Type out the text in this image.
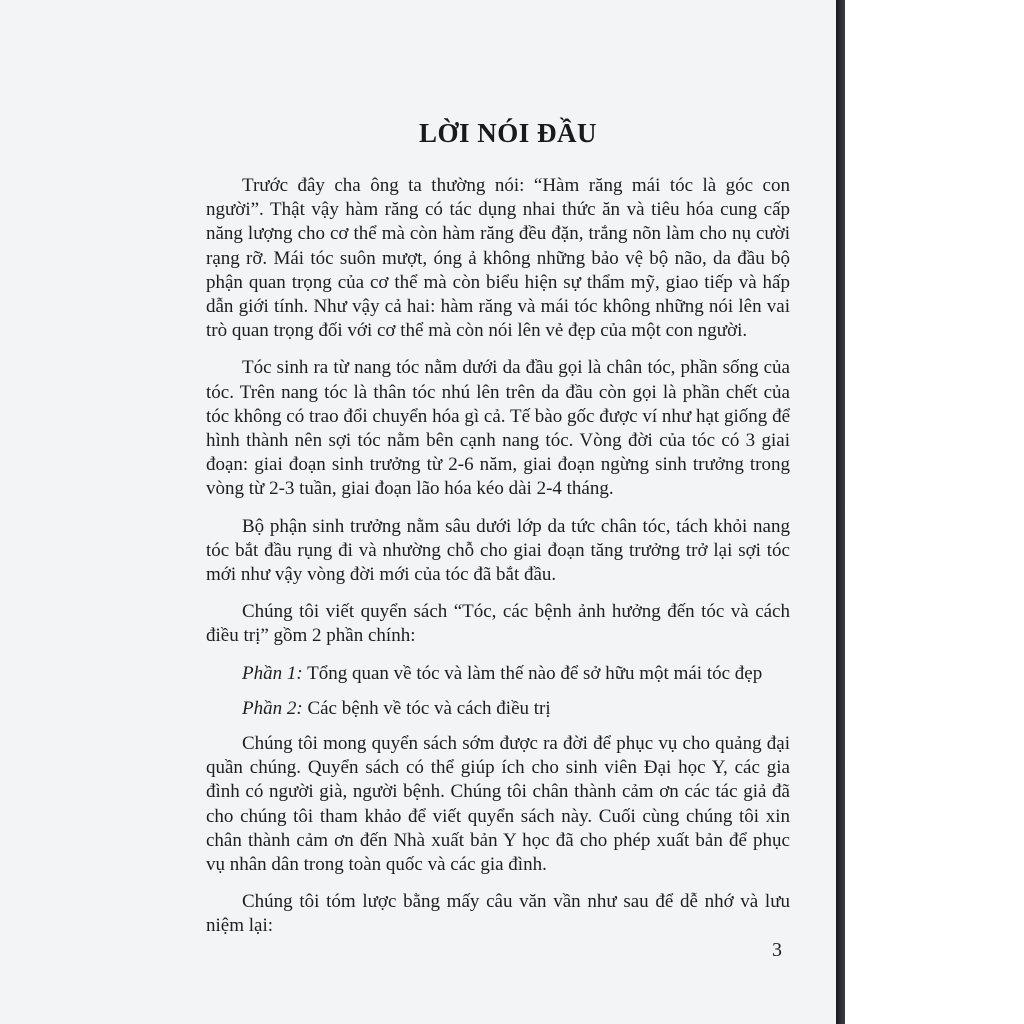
LỜI NÓI ĐẦU

Trước đây cha ông ta thường nói: “Hàm răng mái tóc là góc con người”. Thật vậy hàm răng có tác dụng nhai thức ăn và tiêu hóa cung cấp năng lượng cho cơ thể mà còn hàm răng đều đặn, trắng nõn làm cho nụ cười rạng rỡ. Mái tóc suôn mượt, óng ả không những bảo vệ bộ não, da đầu bộ phận quan trọng của cơ thể mà còn biểu hiện sự thẩm mỹ, giao tiếp và hấp dẫn giới tính. Như vậy cả hai: hàm răng và mái tóc không những nói lên vai trò quan trọng đối với cơ thể mà còn nói lên vẻ đẹp của một con người.

Tóc sinh ra từ nang tóc nằm dưới da đầu gọi là chân tóc, phần sống của tóc. Trên nang tóc là thân tóc nhú lên trên da đầu còn gọi là phần chết của tóc không có trao đổi chuyển hóa gì cả. Tế bào gốc được ví như hạt giống để hình thành nên sợi tóc nằm bên cạnh nang tóc. Vòng đời của tóc có 3 giai đoạn: giai đoạn sinh trưởng từ 2-6 năm, giai đoạn ngừng sinh trưởng trong vòng từ 2-3 tuần, giai đoạn lão hóa kéo dài 2-4 tháng.

Bộ phận sinh trưởng nằm sâu dưới lớp da tức chân tóc, tách khỏi nang tóc bắt đầu rụng đi và nhường chỗ cho giai đoạn tăng trưởng trở lại sợi tóc mới như vậy vòng đời mới của tóc đã bắt đầu.

Chúng tôi viết quyển sách “Tóc, các bệnh ảnh hưởng đến tóc và cách điều trị” gồm 2 phần chính:

Phần 1: Tổng quan về tóc và làm thế nào để sở hữu một mái tóc đẹp

Phần 2: Các bệnh về tóc và cách điều trị

Chúng tôi mong quyển sách sớm được ra đời để phục vụ cho quảng đại quần chúng. Quyển sách có thể giúp ích cho sinh viên Đại học Y, các gia đình có người già, người bệnh. Chúng tôi chân thành cảm ơn các tác giả đã cho chúng tôi tham khảo để viết quyển sách này. Cuối cùng chúng tôi xin chân thành cảm ơn đến Nhà xuất bản Y học đã cho phép xuất bản để phục vụ nhân dân trong toàn quốc và các gia đình.

Chúng tôi tóm lược bằng mấy câu văn vần như sau để dễ nhớ và lưu niệm lại:

3
